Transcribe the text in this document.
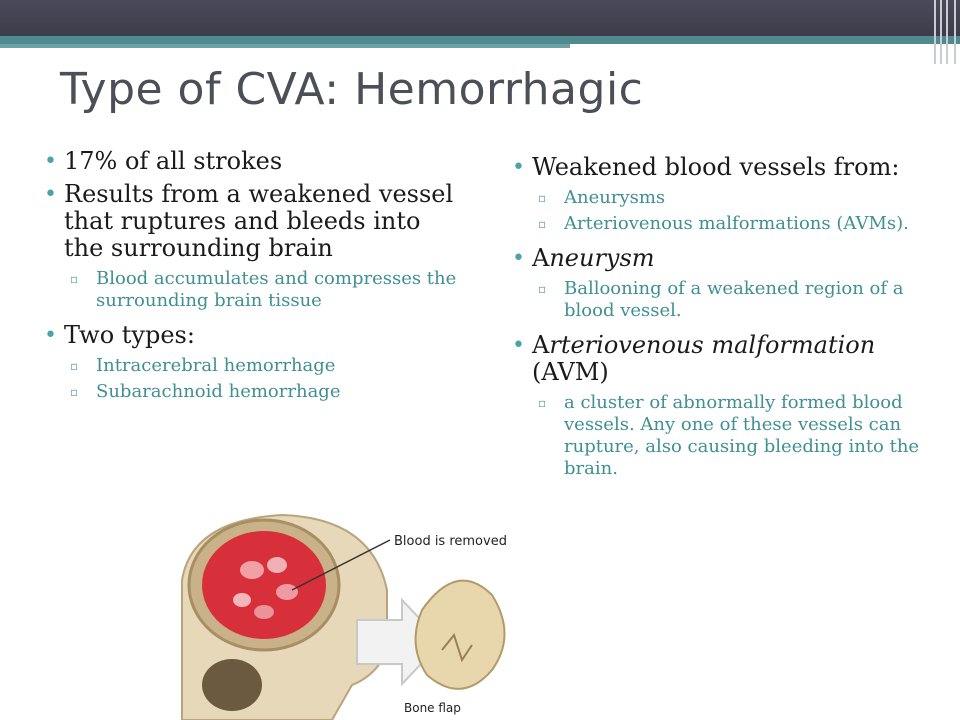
Type of CVA: Hemorrhagic
• 17% of all strokes
• Results from a weakened vessel that ruptures and bleeds into the surrounding brain
▫ Blood accumulates and compresses the surrounding brain tissue
• Two types:
▫ Intracerebral hemorrhage
▫ Subarachnoid hemorrhage
• Weakened blood vessels from:
▫ Aneurysms
▫ Arteriovenous malformations (AVMs).
• Aneurysm
▫ Ballooning of a weakened region of a blood vessel.
• Arteriovenous malformation (AVM)
▫ a cluster of abnormally formed blood vessels. Any one of these vessels can rupture, also causing bleeding into the brain.
Blood is removed
Bone flap
